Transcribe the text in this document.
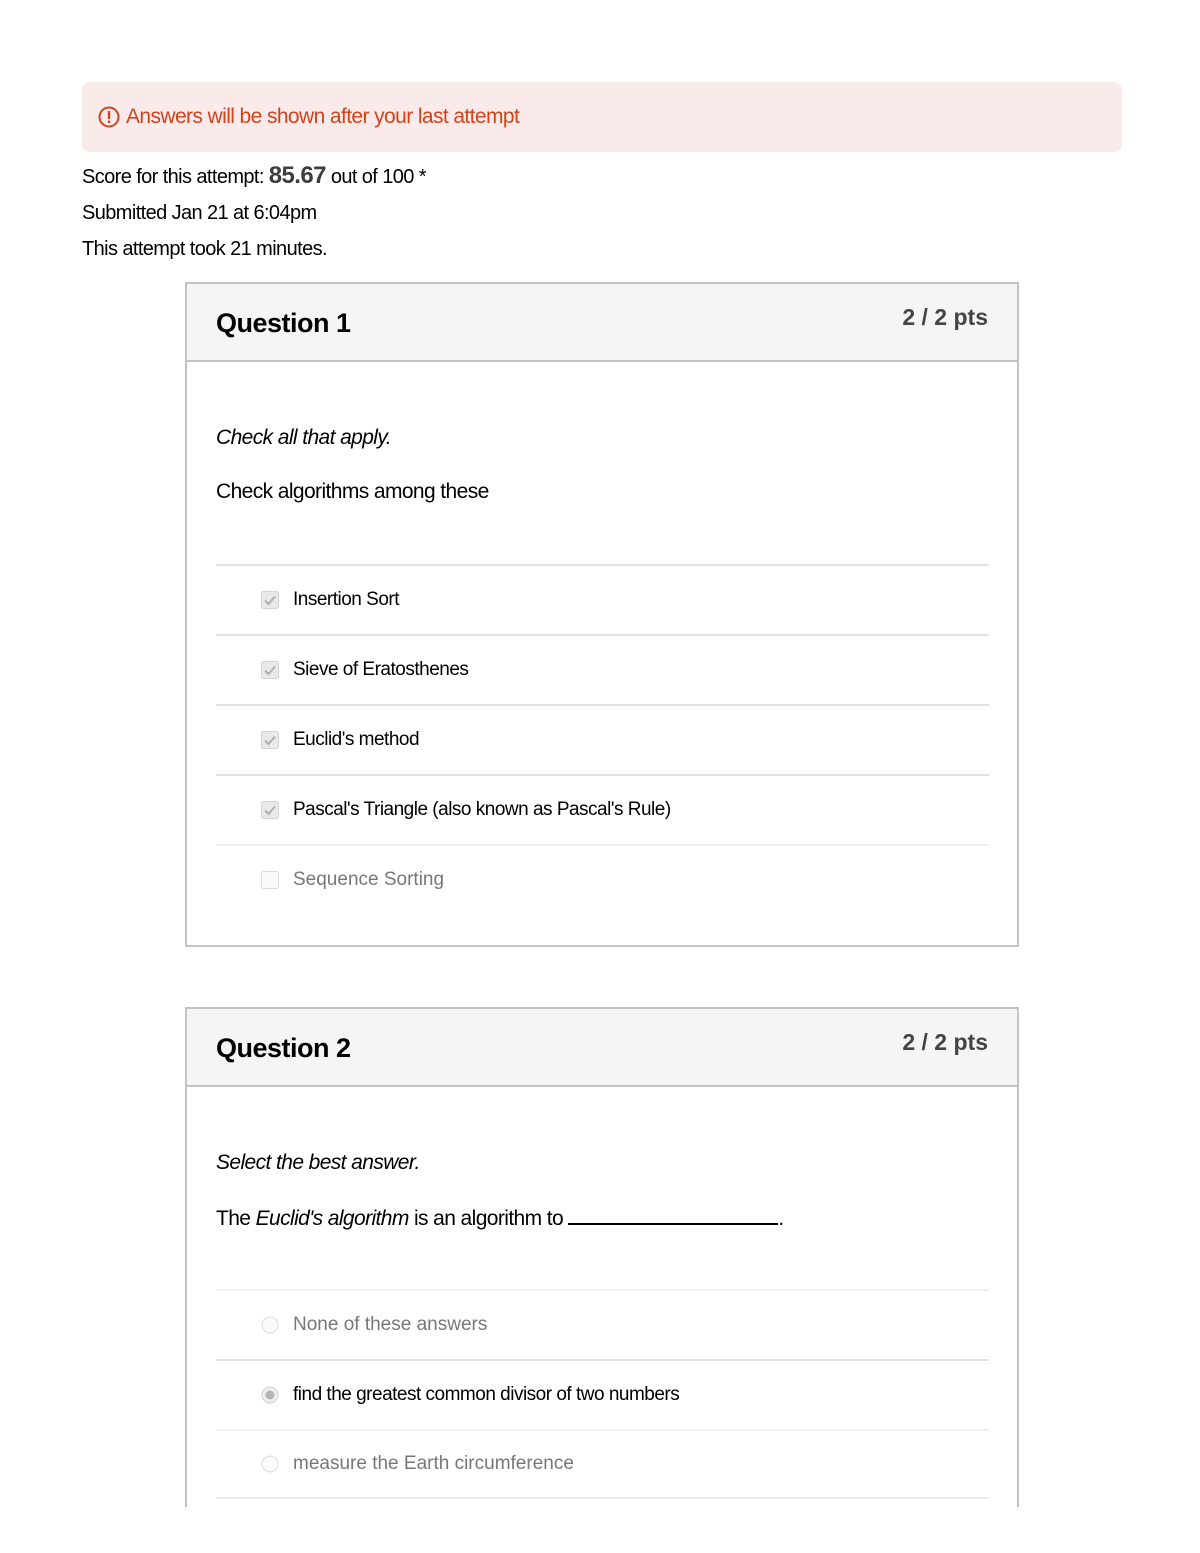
Answers will be shown after your last attempt
Score for this attempt: 85.67 out of 100 *
Submitted Jan 21 at 6:04pm
This attempt took 21 minutes.
Question 1	2 / 2 pts
Check all that apply.
Check algorithms among these
Insertion Sort
Sieve of Eratosthenes
Euclid's method
Pascal's Triangle (also known as Pascal's Rule)
Sequence Sorting
Question 2	2 / 2 pts
Select the best answer.
The Euclid's algorithm is an algorithm to	.
None of these answers
find the greatest common divisor of two numbers
measure the Earth circumference
